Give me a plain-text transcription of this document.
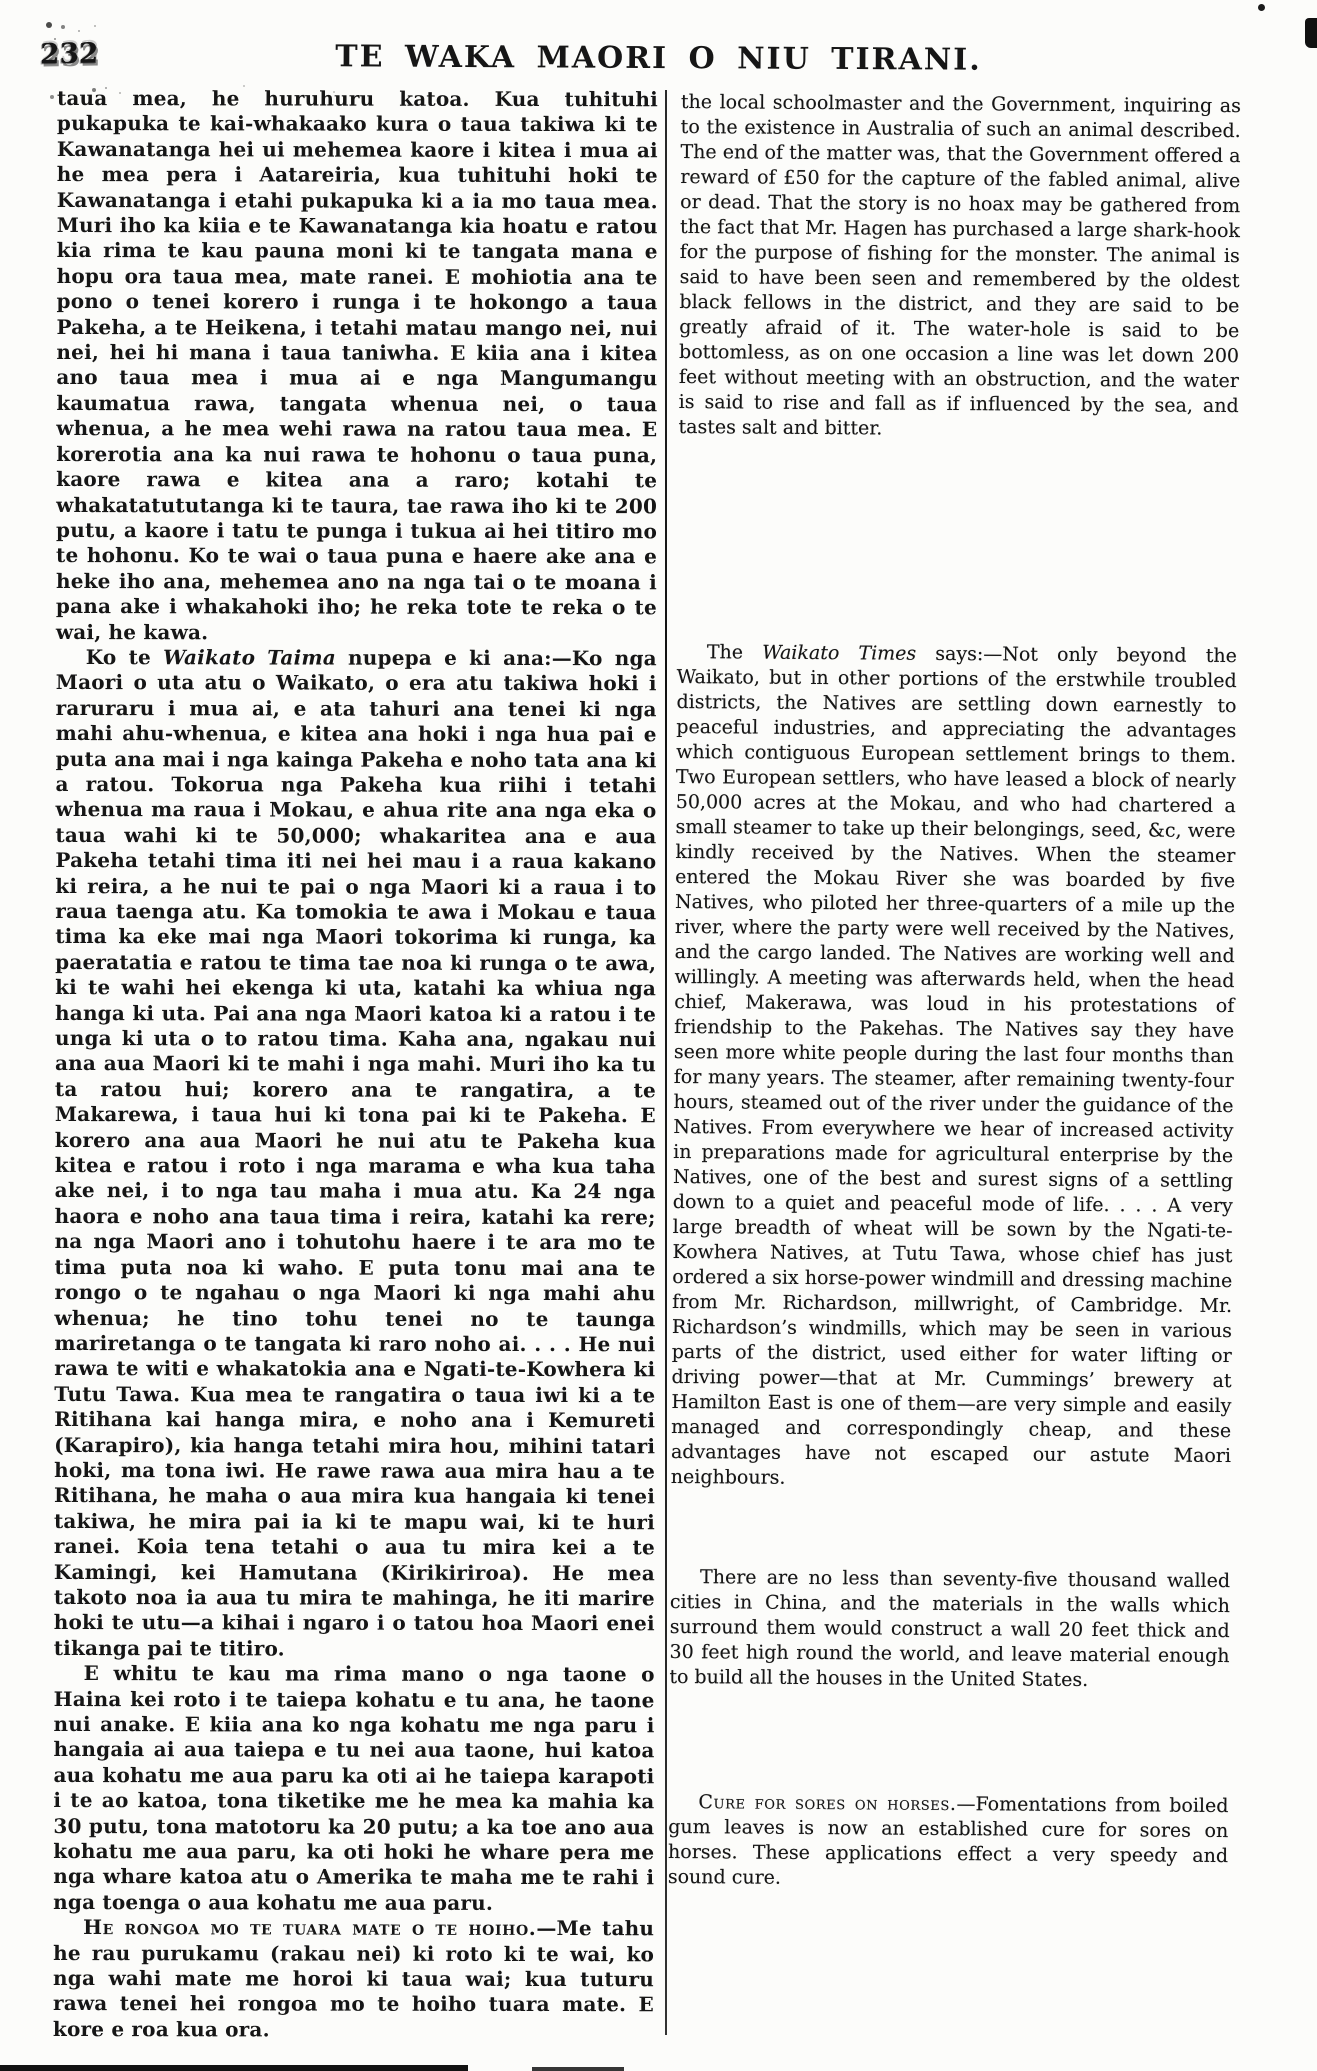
232	TE WAKA MAORI O NIU TIRANI.

taua mea, he huruhuru katoa. Kua tuhituhi pukapuka te kai-whakaako kura o taua takiwa ki te Kawanatanga hei ui mehemea kaore i kitea i mua ai he mea pera i Aatareiria, kua tuhituhi hoki te Kawanatanga i etahi pukapuka ki a ia mo taua mea. Muri iho ka kiia e te Kawanatanga kia hoatu e ratou kia rima te kau pauna moni ki te tangata mana e hopu ora taua mea, mate ranei. E mohiotia ana te pono o tenei korero i runga i te hokongo a taua Pakeha, a te Heikena, i tetahi matau mango nei, nui nei, hei hi mana i taua taniwha. E kiia ana i kitea ano taua mea i mua ai e nga Mangumangu kaumatua rawa, tangata whenua nei, o taua whenua, a he mea wehi rawa na ratou taua mea. E korerotia ana ka nui rawa te hohonu o taua puna, kaore rawa e kitea ana a raro; kotahi te whakatatututanga ki te taura, tae rawa iho ki te 200 putu, a kaore i tatu te punga i tukua ai hei titiro mo te hohonu. Ko te wai o taua puna e haere ake ana e heke iho ana, mehemea ano na nga tai o te moana i pana ake i whakahoki iho; he reka tote te reka o te wai, he kawa.

Ko te Waikato Taima nupepa e ki ana:—Ko nga Maori o uta atu o Waikato, o era atu takiwa hoki i raruraru i mua ai, e ata tahuri ana tenei ki nga mahi ahu-whenua, e kitea ana hoki i nga hua pai e puta ana mai i nga kainga Pakeha e noho tata ana ki a ratou. Tokorua nga Pakeha kua riihi i tetahi whenua ma raua i Mokau, e ahua rite ana nga eka o taua wahi ki te 50,000; whakaritea ana e aua Pakeha tetahi tima iti nei hei mau i a raua kakano ki reira, a he nui te pai o nga Maori ki a raua i to raua taenga atu. Ka tomokia te awa i Mokau e taua tima ka eke mai nga Maori tokorima ki runga, ka paeratatia e ratou te tima tae noa ki runga o te awa, ki te wahi hei ekenga ki uta, katahi ka whiua nga hanga ki uta. Pai ana nga Maori katoa ki a ratou i te unga ki uta o to ratou tima. Kaha ana, ngakau nui ana aua Maori ki te mahi i nga mahi. Muri iho ka tu ta ratou hui; korero ana te rangatira, a te Makarewa, i taua hui ki tona pai ki te Pakeha. E korero ana aua Maori he nui atu te Pakeha kua kitea e ratou i roto i nga marama e wha kua taha ake nei, i to nga tau maha i mua atu. Ka 24 nga haora e noho ana taua tima i reira, katahi ka rere; na nga Maori ano i tohutohu haere i te ara mo te tima puta noa ki waho. E puta tonu mai ana te rongo o te ngahau o nga Maori ki nga mahi ahu whenua; he tino tohu tenei no te taunga mariretanga o te tangata ki raro noho ai. . . . He nui rawa te witi e whakatokia ana e Ngati-te-Kowhera ki Tutu Tawa. Kua mea te rangatira o taua iwi ki a te Ritihana kai hanga mira, e noho ana i Kemureti (Karapiro), kia hanga tetahi mira hou, mihini tatari hoki, ma tona iwi. He rawe rawa aua mira hau a te Ritihana, he maha o aua mira kua hangaia ki tenei takiwa, he mira pai ia ki te mapu wai, ki te huri ranei. Koia tena tetahi o aua tu mira kei a te Kamingi, kei Hamutana (Kirikiriroa). He mea takoto noa ia aua tu mira te mahinga, he iti marire hoki te utu—a kihai i ngaro i o tatou hoa Maori enei tikanga pai te titiro.

E whitu te kau ma rima mano o nga taone o Haina kei roto i te taiepa kohatu e tu ana, he taone nui anake. E kiia ana ko nga kohatu me nga paru i hangaia ai aua taiepa e tu nei aua taone, hui katoa aua kohatu me aua paru ka oti ai he taiepa karapoti i te ao katoa, tona tiketike me he mea ka mahia ka 30 putu, tona matotoru ka 20 putu; a ka toe ano aua kohatu me aua paru, ka oti hoki he whare pera me nga whare katoa atu o Amerika te maha me te rahi i nga toenga o aua kohatu me aua paru.

He rongoa mo te tuara mate o te hoiho.—Me tahu he rau purukamu (rakau nei) ki roto ki te wai, ko nga wahi mate me horoi ki taua wai; kua tuturu rawa tenei hei rongoa mo te hoiho tuara mate. E kore e roa kua ora.

the local schoolmaster and the Government, inquiring as to the existence in Australia of such an animal described. The end of the matter was, that the Government offered a reward of £50 for the capture of the fabled animal, alive or dead. That the story is no hoax may be gathered from the fact that Mr. Hagen has purchased a large shark-hook for the purpose of fishing for the monster. The animal is said to have been seen and remembered by the oldest black fellows in the district, and they are said to be greatly afraid of it. The water-hole is said to be bottomless, as on one occasion a line was let down 200 feet without meeting with an obstruction, and the water is said to rise and fall as if influenced by the sea, and tastes salt and bitter.

The Waikato Times says:—Not only beyond the Waikato, but in other portions of the erstwhile troubled districts, the Natives are settling down earnestly to peaceful industries, and appreciating the advantages which contiguous European settlement brings to them. Two European settlers, who have leased a block of nearly 50,000 acres at the Mokau, and who had chartered a small steamer to take up their belongings, seed, &c, were kindly received by the Natives. When the steamer entered the Mokau River she was boarded by five Natives, who piloted her three-quarters of a mile up the river, where the party were well received by the Natives, and the cargo landed. The Natives are working well and willingly. A meeting was afterwards held, when the head chief, Makerawa, was loud in his protestations of friendship to the Pakehas. The Natives say they have seen more white people during the last four months than for many years. The steamer, after remaining twenty-four hours, steamed out of the river under the guidance of the Natives. From everywhere we hear of increased activity in preparations made for agricultural enterprise by the Natives, one of the best and surest signs of a settling down to a quiet and peaceful mode of life. . . . A very large breadth of wheat will be sown by the Ngati-te-Kowhera Natives, at Tutu Tawa, whose chief has just ordered a six horse-power windmill and dressing machine from Mr. Richardson, millwright, of Cambridge. Mr. Richardson’s windmills, which may be seen in various parts of the district, used either for water lifting or driving power—that at Mr. Cummings’ brewery at Hamilton East is one of them—are very simple and easily managed and correspondingly cheap, and these advantages have not escaped our astute Maori neighbours.

There are no less than seventy-five thousand walled cities in China, and the materials in the walls which surround them would construct a wall 20 feet thick and 30 feet high round the world, and leave material enough to build all the houses in the United States.

Cure for sores on horses.—Fomentations from boiled gum leaves is now an established cure for sores on horses. These applications effect a very speedy and sound cure.
